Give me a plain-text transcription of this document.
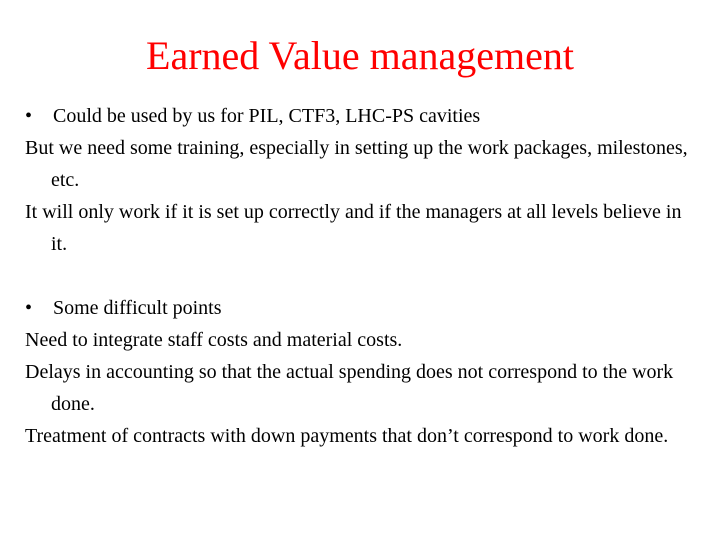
Earned Value management

• Could be used by us for PIL, CTF3, LHC-PS cavities

But we need some training, especially in setting up the work packages, milestones, etc.

It will only work if it is set up correctly and if the managers at all levels believe in it.

• Some difficult points

Need to integrate staff costs and material costs.

Delays in accounting so that the actual spending does not correspond to the work done.

Treatment of contracts with down payments that don’t correspond to work done.
